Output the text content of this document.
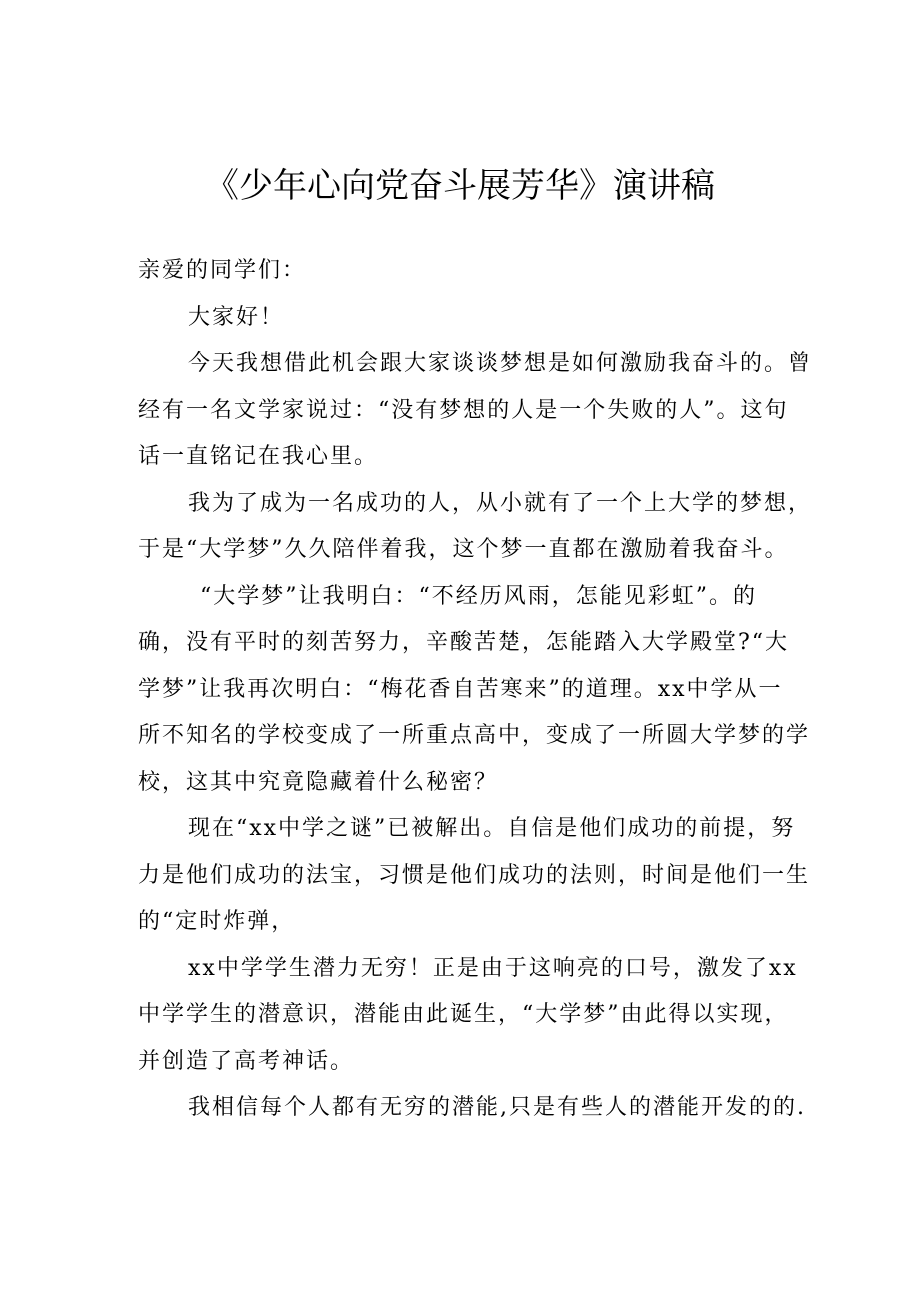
《少年心向党奋斗展芳华》演讲稿
亲爱的同学们：
大家好！
今天我想借此机会跟大家谈谈梦想是如何激励我奋斗的。曾
经有一名文学家说过：“没有梦想的人是一个失败的人”。这句
话一直铭记在我心里。
我为了成为一名成功的人，从小就有了一个上大学的梦想，
于是“大学梦”久久陪伴着我，这个梦一直都在激励着我奋斗。
“大学梦”让我明白：“不经历风雨，怎能见彩虹”。的
确，没有平时的刻苦努力，辛酸苦楚，怎能踏入大学殿堂?“大
学梦”让我再次明白：“梅花香自苦寒来”的道理。xx中学从一
所不知名的学校变成了一所重点高中，变成了一所圆大学梦的学
校，这其中究竟隐藏着什么秘密？
现在“xx中学之谜”已被解出。自信是他们成功的前提，努
力是他们成功的法宝，习惯是他们成功的法则，时间是他们一生
的“定时炸弹，
xx中学学生潜力无穷！正是由于这响亮的口号，激发了xx
中学学生的潜意识，潜能由此诞生，“大学梦”由此得以实现，
并创造了高考神话。
我相信每个人都有无穷的潜能,只是有些人的潜能开发的的.
